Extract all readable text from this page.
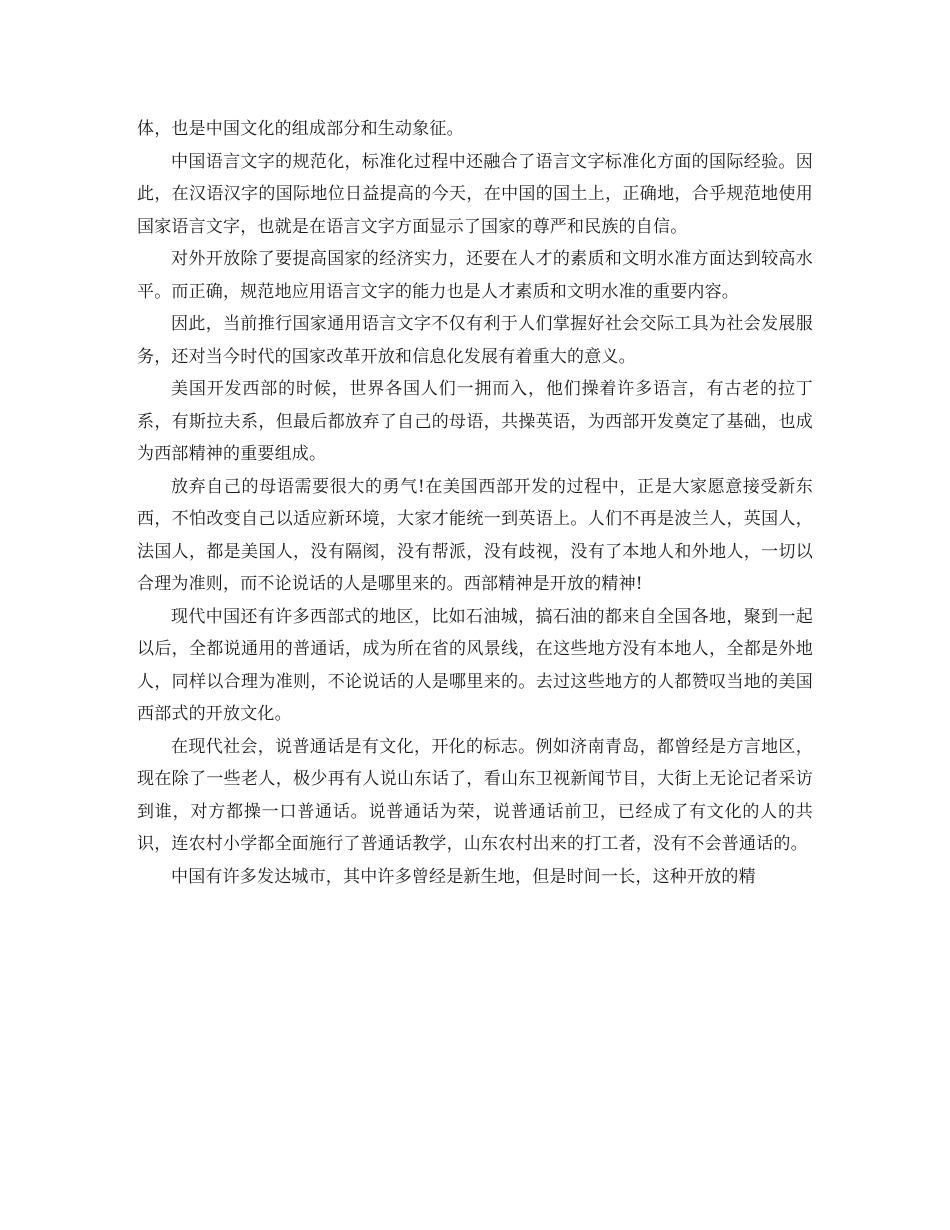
体，也是中国文化的组成部分和生动象征。

中国语言文字的规范化，标准化过程中还融合了语言文字标准化方面的国际经验。因此，在汉语汉字的国际地位日益提高的今天，在中国的国土上，正确地，合乎规范地使用国家语言文字，也就是在语言文字方面显示了国家的尊严和民族的自信。

对外开放除了要提高国家的经济实力，还要在人才的素质和文明水准方面达到较高水平。而正确，规范地应用语言文字的能力也是人才素质和文明水准的重要内容。

因此，当前推行国家通用语言文字不仅有利于人们掌握好社会交际工具为社会发展服务，还对当今时代的国家改革开放和信息化发展有着重大的意义。

美国开发西部的时候，世界各国人们一拥而入，他们操着许多语言，有古老的拉丁系，有斯拉夫系，但最后都放弃了自己的母语，共操英语，为西部开发奠定了基础，也成为西部精神的重要组成。

放弃自己的母语需要很大的勇气!在美国西部开发的过程中，正是大家愿意接受新东西，不怕改变自己以适应新环境，大家才能统一到英语上。人们不再是波兰人，英国人，法国人，都是美国人，没有隔阂，没有帮派，没有歧视，没有了本地人和外地人，一切以合理为准则，而不论说话的人是哪里来的。西部精神是开放的精神!

现代中国还有许多西部式的地区，比如石油城，搞石油的都来自全国各地，聚到一起以后，全都说通用的普通话，成为所在省的风景线，在这些地方没有本地人，全都是外地人，同样以合理为准则，不论说话的人是哪里来的。去过这些地方的人都赞叹当地的美国西部式的开放文化。

在现代社会，说普通话是有文化，开化的标志。例如济南青岛，都曾经是方言地区，现在除了一些老人，极少再有人说山东话了，看山东卫视新闻节目，大街上无论记者采访到谁，对方都操一口普通话。说普通话为荣，说普通话前卫，已经成了有文化的人的共识，连农村小学都全面施行了普通话教学，山东农村出来的打工者，没有不会普通话的。

中国有许多发达城市，其中许多曾经是新生地，但是时间一长，这种开放的精
